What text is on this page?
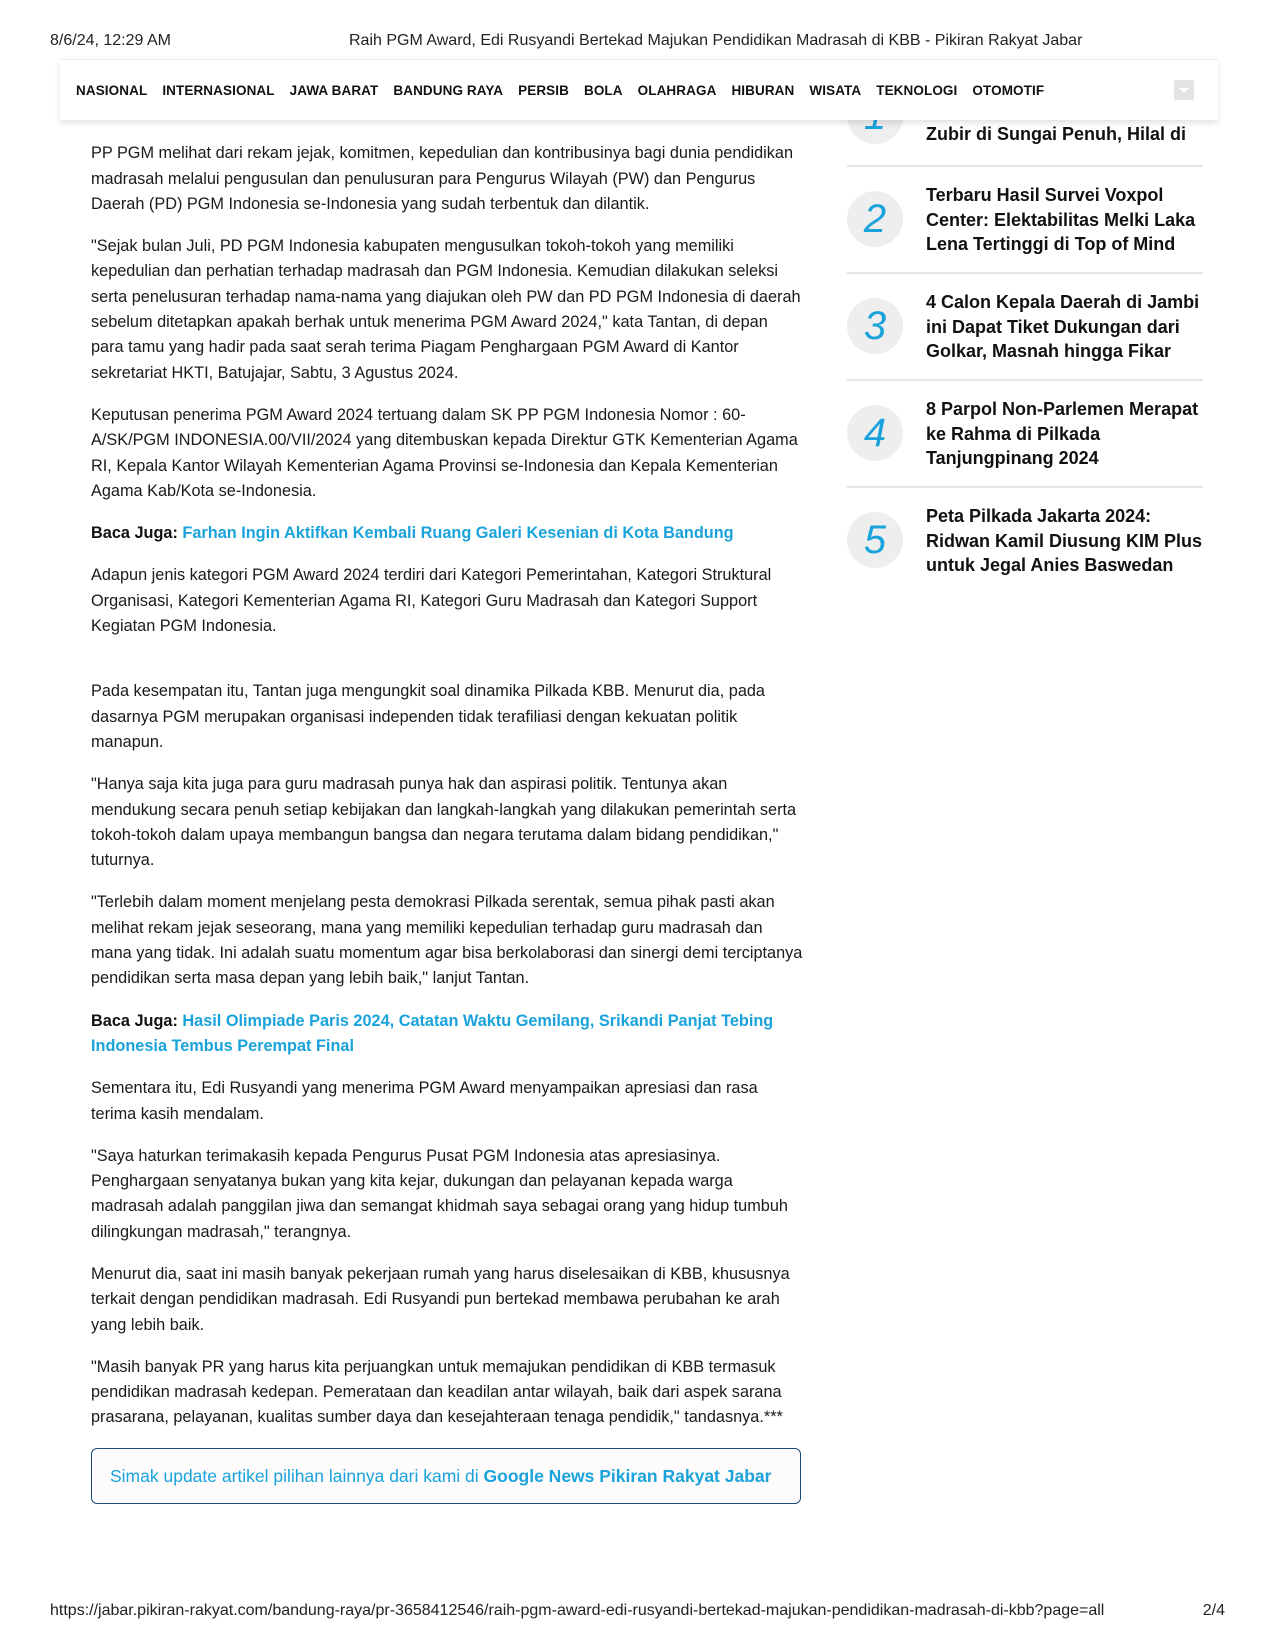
8/6/24, 12:29 AM	Raih PGM Award, Edi Rusyandi Bertekad Majukan Pendidikan Madrasah di KBB - Pikiran Rakyat Jabar
NASIONAL INTERNASIONAL JAWA BARAT BANDUNG RAYA PERSIB BOLA OLAHRAGA HIBURAN WISATA TEKNOLOGI OTOMOTIF

PP PGM melihat dari rekam jejak, komitmen, kepedulian dan kontribusinya bagi dunia pendidikan madrasah melalui pengusulan dan penulusuran para Pengurus Wilayah (PW) dan Pengurus Daerah (PD) PGM Indonesia se-Indonesia yang sudah terbentuk dan dilantik.

"Sejak bulan Juli, PD PGM Indonesia kabupaten mengusulkan tokoh-tokoh yang memiliki kepedulian dan perhatian terhadap madrasah dan PGM Indonesia. Kemudian dilakukan seleksi serta penelusuran terhadap nama-nama yang diajukan oleh PW dan PD PGM Indonesia di daerah sebelum ditetapkan apakah berhak untuk menerima PGM Award 2024," kata Tantan, di depan para tamu yang hadir pada saat serah terima Piagam Penghargaan PGM Award di Kantor sekretariat HKTI, Batujajar, Sabtu, 3 Agustus 2024.

Keputusan penerima PGM Award 2024 tertuang dalam SK PP PGM Indonesia Nomor : 60-A/SK/PGM INDONESIA.00/VII/2024 yang ditembuskan kepada Direktur GTK Kementerian Agama RI, Kepala Kantor Wilayah Kementerian Agama Provinsi se-Indonesia dan Kepala Kementerian Agama Kab/Kota se-Indonesia.

Baca Juga: Farhan Ingin Aktifkan Kembali Ruang Galeri Kesenian di Kota Bandung

Adapun jenis kategori PGM Award 2024 terdiri dari Kategori Pemerintahan, Kategori Struktural Organisasi, Kategori Kementerian Agama RI, Kategori Guru Madrasah dan Kategori Support Kegiatan PGM Indonesia.

Pada kesempatan itu, Tantan juga mengungkit soal dinamika Pilkada KBB. Menurut dia, pada dasarnya PGM merupakan organisasi independen tidak terafiliasi dengan kekuatan politik manapun.

"Hanya saja kita juga para guru madrasah punya hak dan aspirasi politik. Tentunya akan mendukung secara penuh setiap kebijakan dan langkah-langkah yang dilakukan pemerintah serta tokoh-tokoh dalam upaya membangun bangsa dan negara terutama dalam bidang pendidikan," tuturnya.

"Terlebih dalam moment menjelang pesta demokrasi Pilkada serentak, semua pihak pasti akan melihat rekam jejak seseorang, mana yang memiliki kepedulian terhadap guru madrasah dan mana yang tidak. Ini adalah suatu momentum agar bisa berkolaborasi dan sinergi demi terciptanya pendidikan serta masa depan yang lebih baik," lanjut Tantan.

Baca Juga: Hasil Olimpiade Paris 2024, Catatan Waktu Gemilang, Srikandi Panjat Tebing Indonesia Tembus Perempat Final

Sementara itu, Edi Rusyandi yang menerima PGM Award menyampaikan apresiasi dan rasa terima kasih mendalam.

"Saya haturkan terimakasih kepada Pengurus Pusat PGM Indonesia atas apresiasinya. Penghargaan senyatanya bukan yang kita kejar, dukungan dan pelayanan kepada warga madrasah adalah panggilan jiwa dan semangat khidmah saya sebagai orang yang hidup tumbuh dilingkungan madrasah," terangnya.

Menurut dia, saat ini masih banyak pekerjaan rumah yang harus diselesaikan di KBB, khususnya terkait dengan pendidikan madrasah. Edi Rusyandi pun bertekad membawa perubahan ke arah yang lebih baik.

"Masih banyak PR yang harus kita perjuangkan untuk memajukan pendidikan di KBB termasuk pendidikan madrasah kedepan. Pemerataan dan keadilan antar wilayah, baik dari aspek sarana prasarana, pelayanan, kualitas sumber daya dan kesejahteraan tenaga pendidik," tandasnya.***

Simak update artikel pilihan lainnya dari kami di Google News Pikiran Rakyat Jabar
Zubir di Sungai Penuh, Hilal di
2
Terbaru Hasil Survei Voxpol Center: Elektabilitas Melki Laka Lena Tertinggi di Top of Mind
3
4 Calon Kepala Daerah di Jambi ini Dapat Tiket Dukungan dari Golkar, Masnah hingga Fikar
4
8 Parpol Non-Parlemen Merapat ke Rahma di Pilkada Tanjungpinang 2024
5
Peta Pilkada Jakarta 2024: Ridwan Kamil Diusung KIM Plus untuk Jegal Anies Baswedan
https://jabar.pikiran-rakyat.com/bandung-raya/pr-3658412546/raih-pgm-award-edi-rusyandi-bertekad-majukan-pendidikan-madrasah-di-kbb?page=all	2/4
